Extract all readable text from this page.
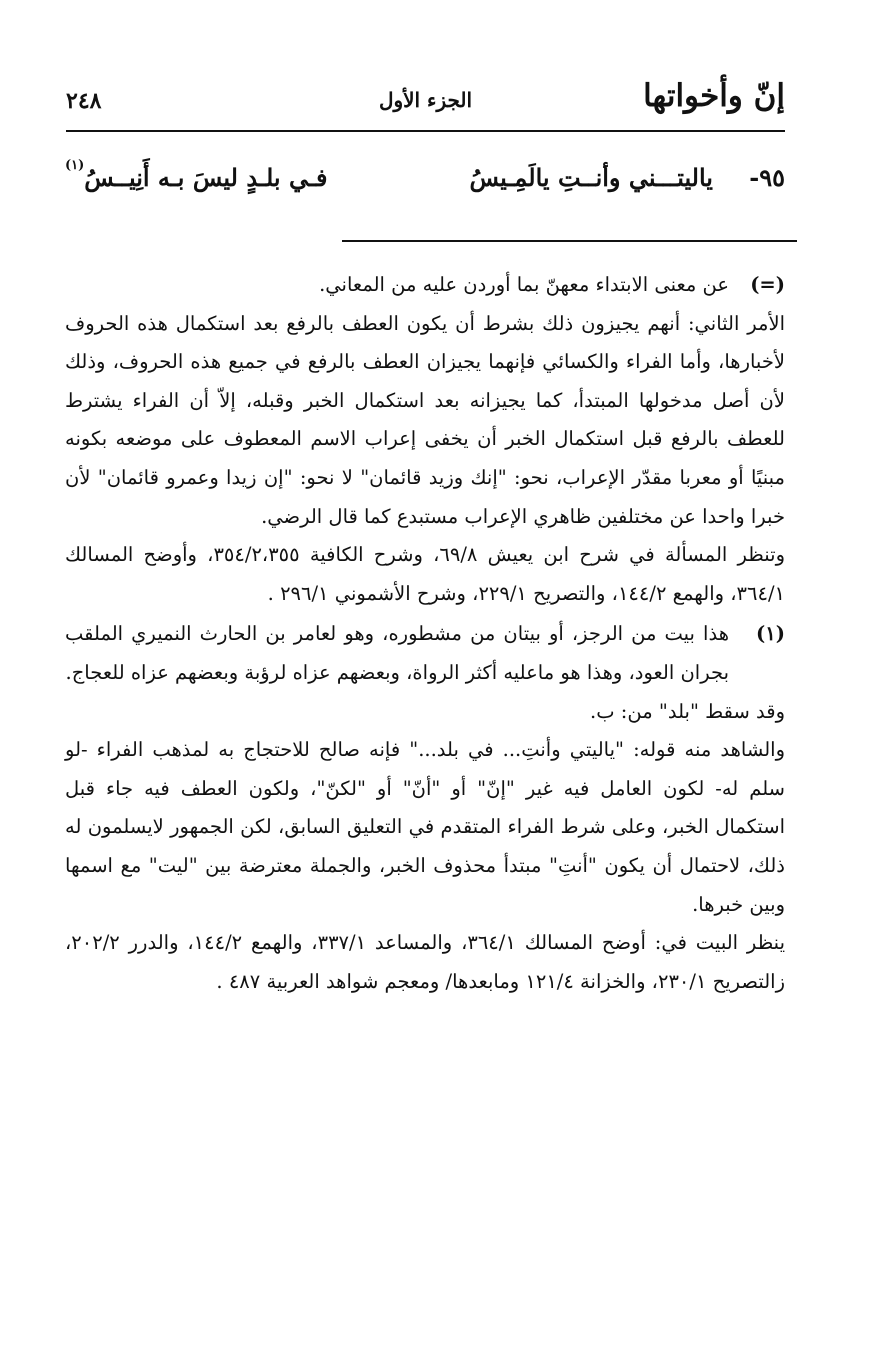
إنّ وأخواتها
الجزء الأول
٢٤٨
٩٥-
ياليتـــني وأنــتِ يالَمِـيسُ
فـي بلـدٍ ليسَ بـه أَنِيــسُ$^{(١)}$
(=)

عن معنى الابتداء معهنّ بما أوردن عليه من المعاني.

الأمر الثاني: أنهم يجيزون ذلك بشرط أن يكون العطف بالرفع بعد استكمال هذه الحروف لأخبارها، وأما الفراء والكسائي فإنهما يجيزان العطف بالرفع في جميع هذه الحروف، وذلك لأن أصل مدخولها المبتدأ، كما يجيزانه بعد استكمال الخبر وقبله، إلاّ أن الفراء يشترط للعطف بالرفع قبل استكمال الخبر أن يخفى إعراب الاسم المعطوف على موضعه بكونه مبنيًا أو معربا مقدّر الإعراب، نحو: "إنك وزيد قائمان" لا نحو: "إن زيدا وعمرو قائمان" لأن خبرا واحدا عن مختلفين ظاهري الإعراب مستبدع كما قال الرضي.

وتنظر المسألة في شرح ابن يعيش ٦٩/٨، وشرح الكافية ٣٥٤/٢،٣٥٥، وأوضح المسالك ٣٦٤/١، والهمع ١٤٤/٢، والتصريح ٢٢٩/١، وشرح الأشموني ٢٩٦/١ .

(١)

هذا بيت من الرجز، أو بيتان من مشطوره، وهو لعامر بن الحارث النميري الملقب بجران العود، وهذا هو ماعليه أكثر الرواة، وبعضهم عزاه لرؤبة وبعضهم عزاه للعجاج.

وقد سقط "بلد" من: ب.

والشاهد منه قوله: "ياليتي وأنتِ... في بلد..." فإنه صالح للاحتجاج به لمذهب الفراء -لو سلم له- لكون العامل فيه غير "إنّ" أو "أنّ" أو "لكنّ"، ولكون العطف فيه جاء قبل استكمال الخبر، وعلى شرط الفراء المتقدم في التعليق السابق، لكن الجمهور لايسلمون له ذلك، لاحتمال أن يكون "أنتِ" مبتدأ محذوف الخبر، والجملة معترضة بين "ليت" مع اسمها وبين خبرها.

ينظر البيت في: أوضح المسالك ٣٦٤/١، والمساعد ٣٣٧/١، والهمع ١٤٤/٢، والدرر ٢٠٢/٢، زالتصريح ٢٣٠/١، والخزانة ١٢١/٤ ومابعدها/ ومعجم شواهد العربية ٤٨٧ .
